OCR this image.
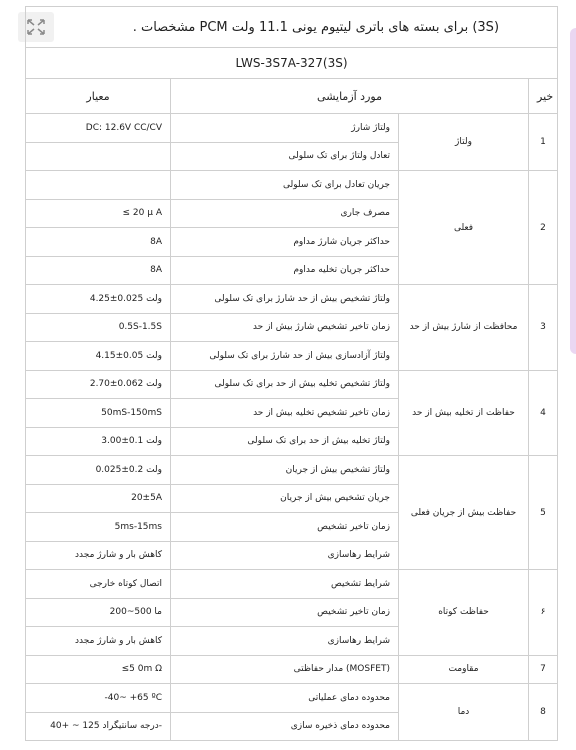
(3S) برای بسته های باتری لیتیوم یونی 11.1 ولت PCM مشخصات .			
LWS-3S7A-327(3S)			
معیار	مورد آزمایشی		خیر
DC: 12.6V CC/CV	ولتاژ شارژ	ولتاژ	1
	تعادل ولتاژ برای تک سلولی		
	جریان تعادل برای تک سلولی	فعلی	2
≤ 20 μ A	مصرف جاری		
8A	حداکثر جریان شارژ مداوم		
8A	حداکثر جریان تخلیه مداوم		
4.25±0.025 ولت	ولتاژ تشخیص بیش از حد شارژ برای تک سلولی	محافظت از شارژ بیش از حد	3
0.5S-1.5S	زمان تاخیر تشخیص شارژ بیش از حد		
4.15±0.05 ولت	ولتاژ آزادسازی بیش از حد شارژ برای تک سلولی		
2.70±0.062 ولت	ولتاژ تشخیص تخلیه بیش از حد برای تک سلولی	حفاظت از تخلیه بیش از حد	4
50mS-150mS	زمان تاخیر تشخیص تخلیه بیش از حد		
3.00±0.1 ولت	ولتاژ تخلیه بیش از حد برای تک سلولی		
0.025±0.2 ولت	ولتاژ تشخیص بیش از جریان	حفاظت بیش از جریان فعلی	5
20±5A	جریان تشخیص بیش از جریان		
5ms-15ms	زمان تاخیر تشخیص		
کاهش بار و شارژ مجدد	شرایط رهاسازی		
اتصال کوتاه خارجی	شرایط تشخیص	حفاظت کوتاه	۶
200~500 ما	زمان تاخیر تشخیص		
کاهش بار و شارژ مجدد	شرایط رهاسازی		
≤5 0m Ω	(MOSFET) مدار حفاظتی	مقاومت	7
-40~ +65 ºC	محدوده دمای عملیاتی	دما	8
درجه سانتیگراد 125 ~ +40-	محدوده دمای ذخیره سازی		
